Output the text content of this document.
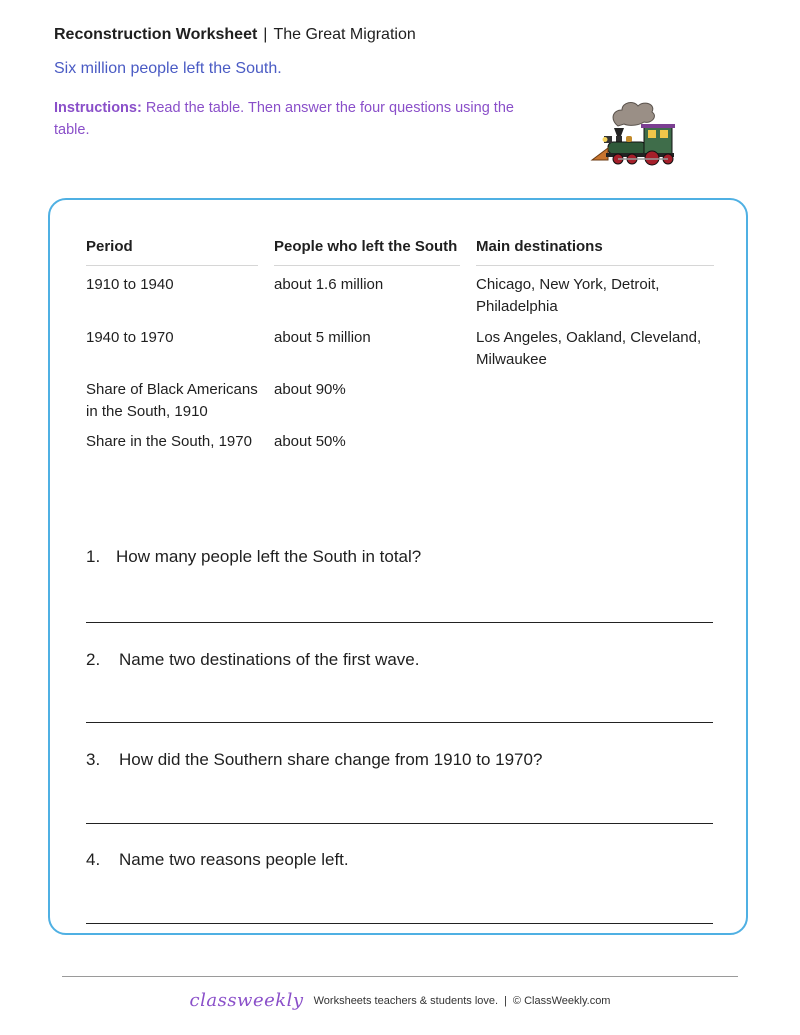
Reconstruction Worksheet | The Great Migration
Six million people left the South.
Instructions: Read the table. Then answer the four questions using the table.
Period		People who left the South		Main destinations
1910 to 1940		about 1.6 million		Chicago, New York, Detroit, Philadelphia
1940 to 1970		about 5 million		Los Angeles, Oakland, Cleveland, Milwaukee
Share of Black Americans in the South, 1910		about 90%		
Share in the South, 1970		about 50%		
1. How many people left the South in total?
2. Name two destinations of the first wave.
3. How did the Southern share change from 1910 to 1970?
4. Name two reasons people left.
classweekly Worksheets teachers & students love. | © ClassWeekly.com
